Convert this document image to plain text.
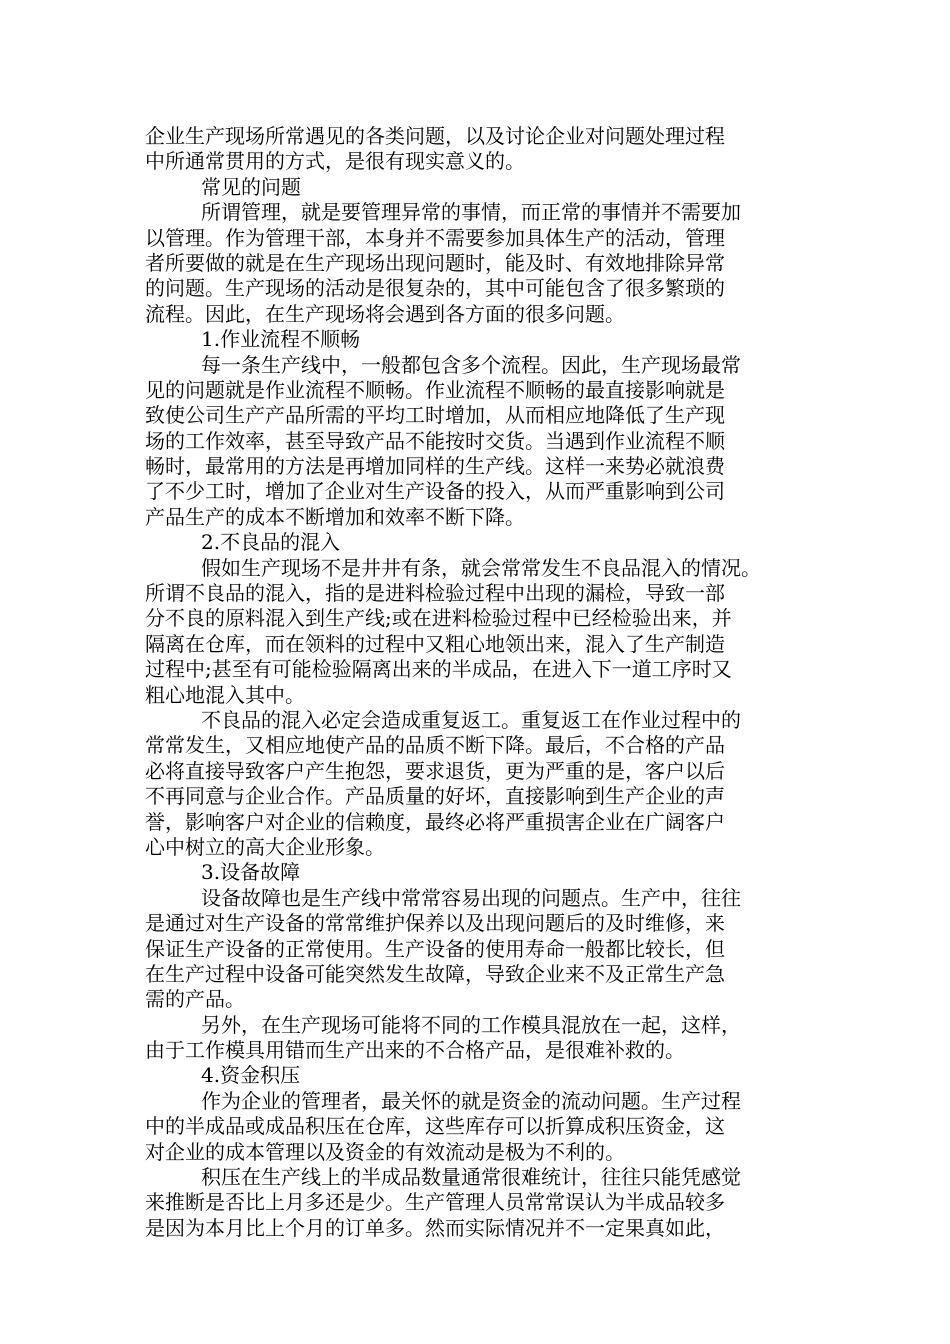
企业生产现场所常遇见的各类问题，以及讨论企业对问题处理过程
中所通常贯用的方式，是很有现实意义的。
常见的问题
所谓管理，就是要管理异常的事情，而正常的事情并不需要加
以管理。作为管理干部，本身并不需要参加具体生产的活动，管理
者所要做的就是在生产现场出现问题时，能及时、有效地排除异常
的问题。生产现场的活动是很复杂的，其中可能包含了很多繁琐的
流程。因此，在生产现场将会遇到各方面的很多问题。
1.作业流程不顺畅
每一条生产线中，一般都包含多个流程。因此，生产现场最常
见的问题就是作业流程不顺畅。作业流程不顺畅的最直接影响就是
致使公司生产产品所需的平均工时增加，从而相应地降低了生产现
场的工作效率，甚至导致产品不能按时交货。当遇到作业流程不顺
畅时，最常用的方法是再增加同样的生产线。这样一来势必就浪费
了不少工时，增加了企业对生产设备的投入，从而严重影响到公司
产品生产的成本不断增加和效率不断下降。
2.不良品的混入
假如生产现场不是井井有条，就会常常发生不良品混入的情况。
所谓不良品的混入，指的是进料检验过程中出现的漏检，导致一部
分不良的原料混入到生产线;或在进料检验过程中已经检验出来，并
隔离在仓库，而在领料的过程中又粗心地领出来，混入了生产制造
过程中;甚至有可能检验隔离出来的半成品，在进入下一道工序时又
粗心地混入其中。
不良品的混入必定会造成重复返工。重复返工在作业过程中的
常常发生，又相应地使产品的品质不断下降。最后，不合格的产品
必将直接导致客户产生抱怨，要求退货，更为严重的是，客户以后
不再同意与企业合作。产品质量的好坏，直接影响到生产企业的声
誉，影响客户对企业的信赖度，最终必将严重损害企业在广阔客户
心中树立的高大企业形象。
3.设备故障
设备故障也是生产线中常常容易出现的问题点。生产中，往往
是通过对生产设备的常常维护保养以及出现问题后的及时维修，来
保证生产设备的正常使用。生产设备的使用寿命一般都比较长，但
在生产过程中设备可能突然发生故障，导致企业来不及正常生产急
需的产品。
另外，在生产现场可能将不同的工作模具混放在一起，这样，
由于工作模具用错而生产出来的不合格产品，是很难补救的。
4.资金积压
作为企业的管理者，最关怀的就是资金的流动问题。生产过程
中的半成品或成品积压在仓库，这些库存可以折算成积压资金，这
对企业的成本管理以及资金的有效流动是极为不利的。
积压在生产线上的半成品数量通常很难统计，往往只能凭感觉
来推断是否比上月多还是少。生产管理人员常常误认为半成品较多
是因为本月比上个月的订单多。然而实际情况并不一定果真如此，
